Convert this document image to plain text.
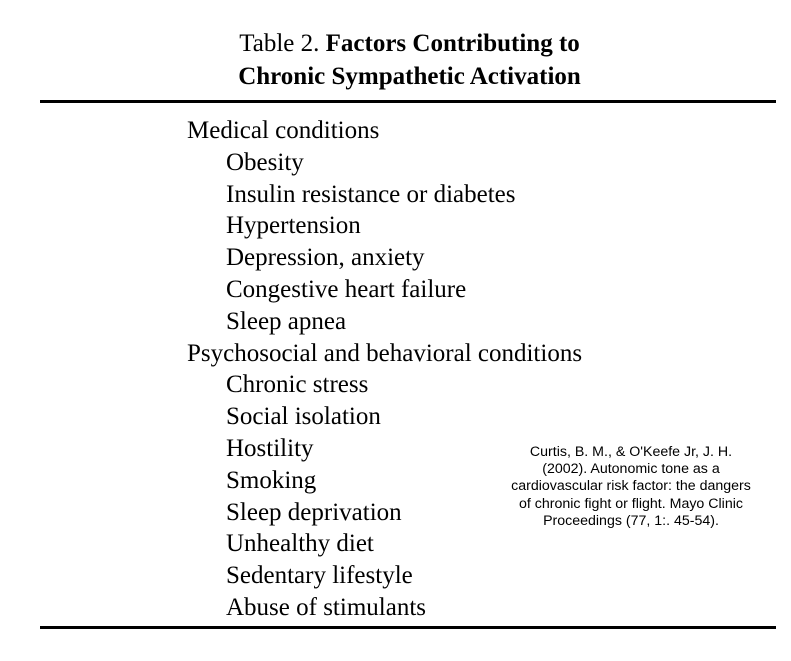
Table 2. Factors Contributing to
Chronic Sympathetic Activation
Medical conditions
Obesity
Insulin resistance or diabetes
Hypertension
Depression, anxiety
Congestive heart failure
Sleep apnea
Psychosocial and behavioral conditions
Chronic stress
Social isolation
Hostility
Smoking
Sleep deprivation
Unhealthy diet
Sedentary lifestyle
Abuse of stimulants
Curtis, B. M., & O'Keefe Jr, J. H.
(2002). Autonomic tone as a
cardiovascular risk factor: the dangers
of chronic fight or flight. Mayo Clinic
Proceedings (77, 1:. 45-54).
